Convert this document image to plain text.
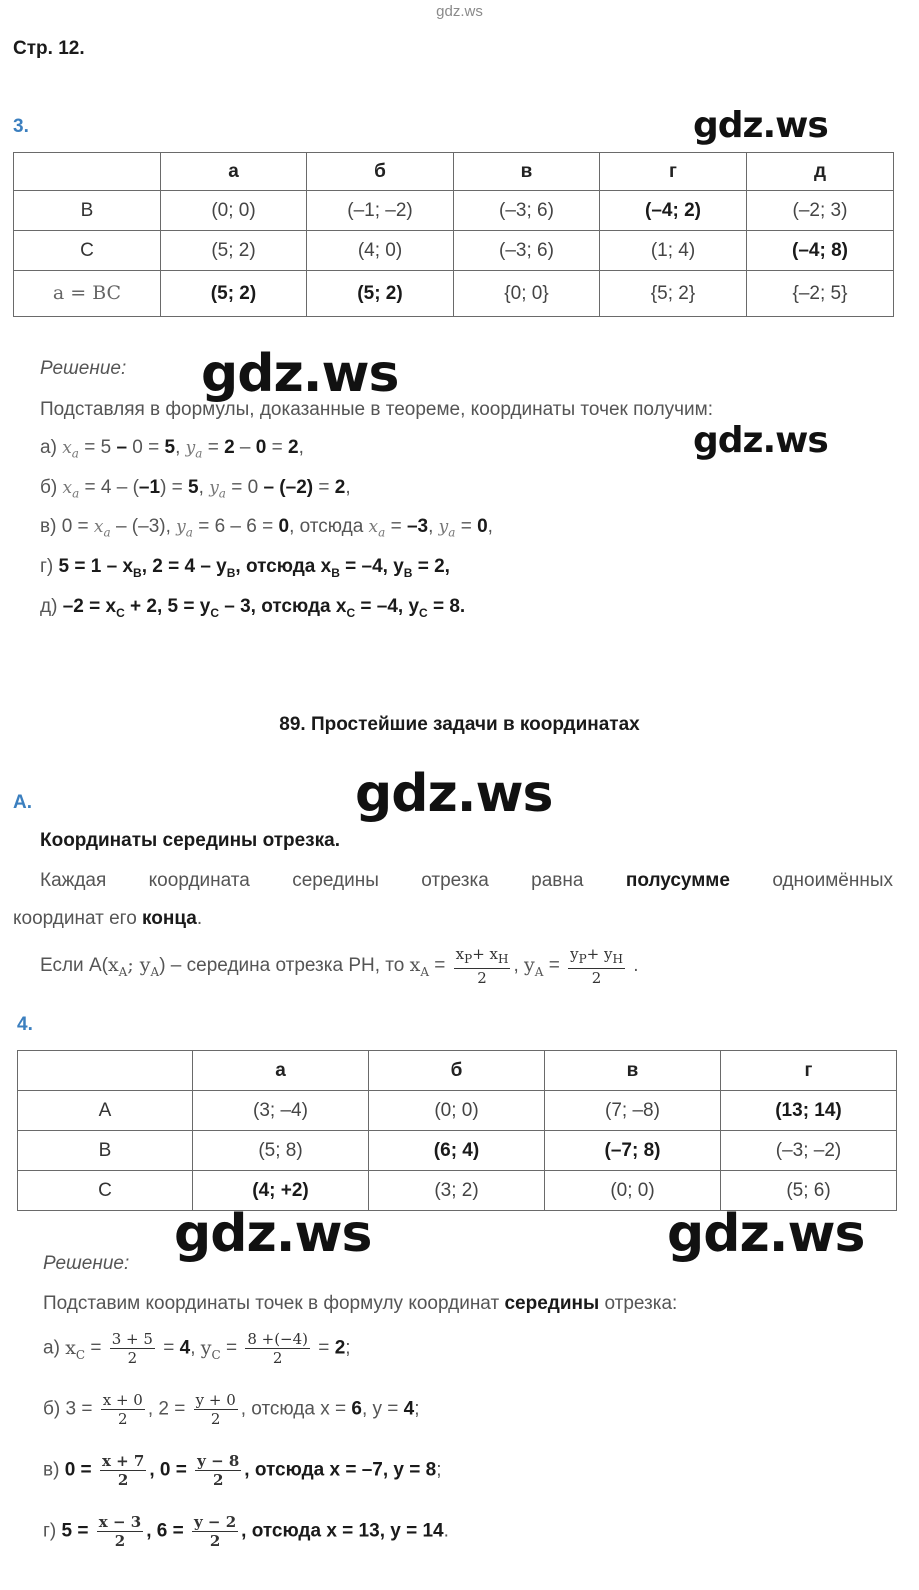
gdz.ws
gdz.ws
gdz.ws
gdz.ws
gdz.ws
gdz.ws	gdz.ws
Стр. 12.
3.
	а	б	в	г	д
B	(0; 0)	(–1; –2)	(–3; 6)	(–4; 2)	(–2; 3)
C	(5; 2)	(4; 0)	(–3; 6)	(1; 4)	(–4; 8)
a = BC	(5; 2)	(5; 2)	{0; 0}	{5; 2}	{–2; 5}
Решение:
Подставляя в формулы, доказанные в теореме, координаты точек получим:
а) $x_a = 5 - 0 = 5$, $y_a = 2 - 0 = 2$,
б) $x_a = 4 - (-1) = 5$, $y_a = 0 - (-2) = 2$,
в) $0 = x_a - (-3)$, $y_a = 6 - 6 = 0$, отсюда $x_a = -3$, $y_a = 0$,
г) $5 = 1 - x_B$, $2 = 4 - y_B$, отсюда $x_B = -4$, $y_B = 2$,
д) $-2 = x_C + 2$, $5 = y_C - 3$, отсюда $x_C = -4$, $y_C = 8$.
89. Простейшие задачи в координатах
A.
Координаты середины отрезка.
Каждая координата середины отрезка равна полусумме одноимённых
координат его конца.
Если $A(x_A$; $y_A$) – середина отрезка PH, то $x_A = \frac{x_P+ x_H}{2}$ , $y_A = \frac{y_P+ y_H}{2}$ .
4.
	а	б	в	г
A	(3; –4)	(0; 0)	(7; –8)	(13; 14)
B	(5; 8)	(6; 4)	(–7; 8)	(–3; –2)
C	(4; +2)	(3; 2)	(0; 0)	(5; 6)
Решение:
Подставим координаты точек в формулу координат середины отрезка:
а) $x_C = \frac{3 + 5}{2} = 4$, $y_C = \frac{8 +(-4)}{2} = 2$;
б) $3 = \frac{x + 0}{2}$ , $2 = \frac{y + 0}{2}$ , отсюда x = 6, y = 4;
в) $0 = \frac{x + 7}{2}$ , $0 = \frac{y - 8}{2}$ , отсюда x = –7, y = 8;
г) $5 = \frac{x - 3}{2}$ , $6 = \frac{y - 2}{2}$ , отсюда x = 13, y = 14.
